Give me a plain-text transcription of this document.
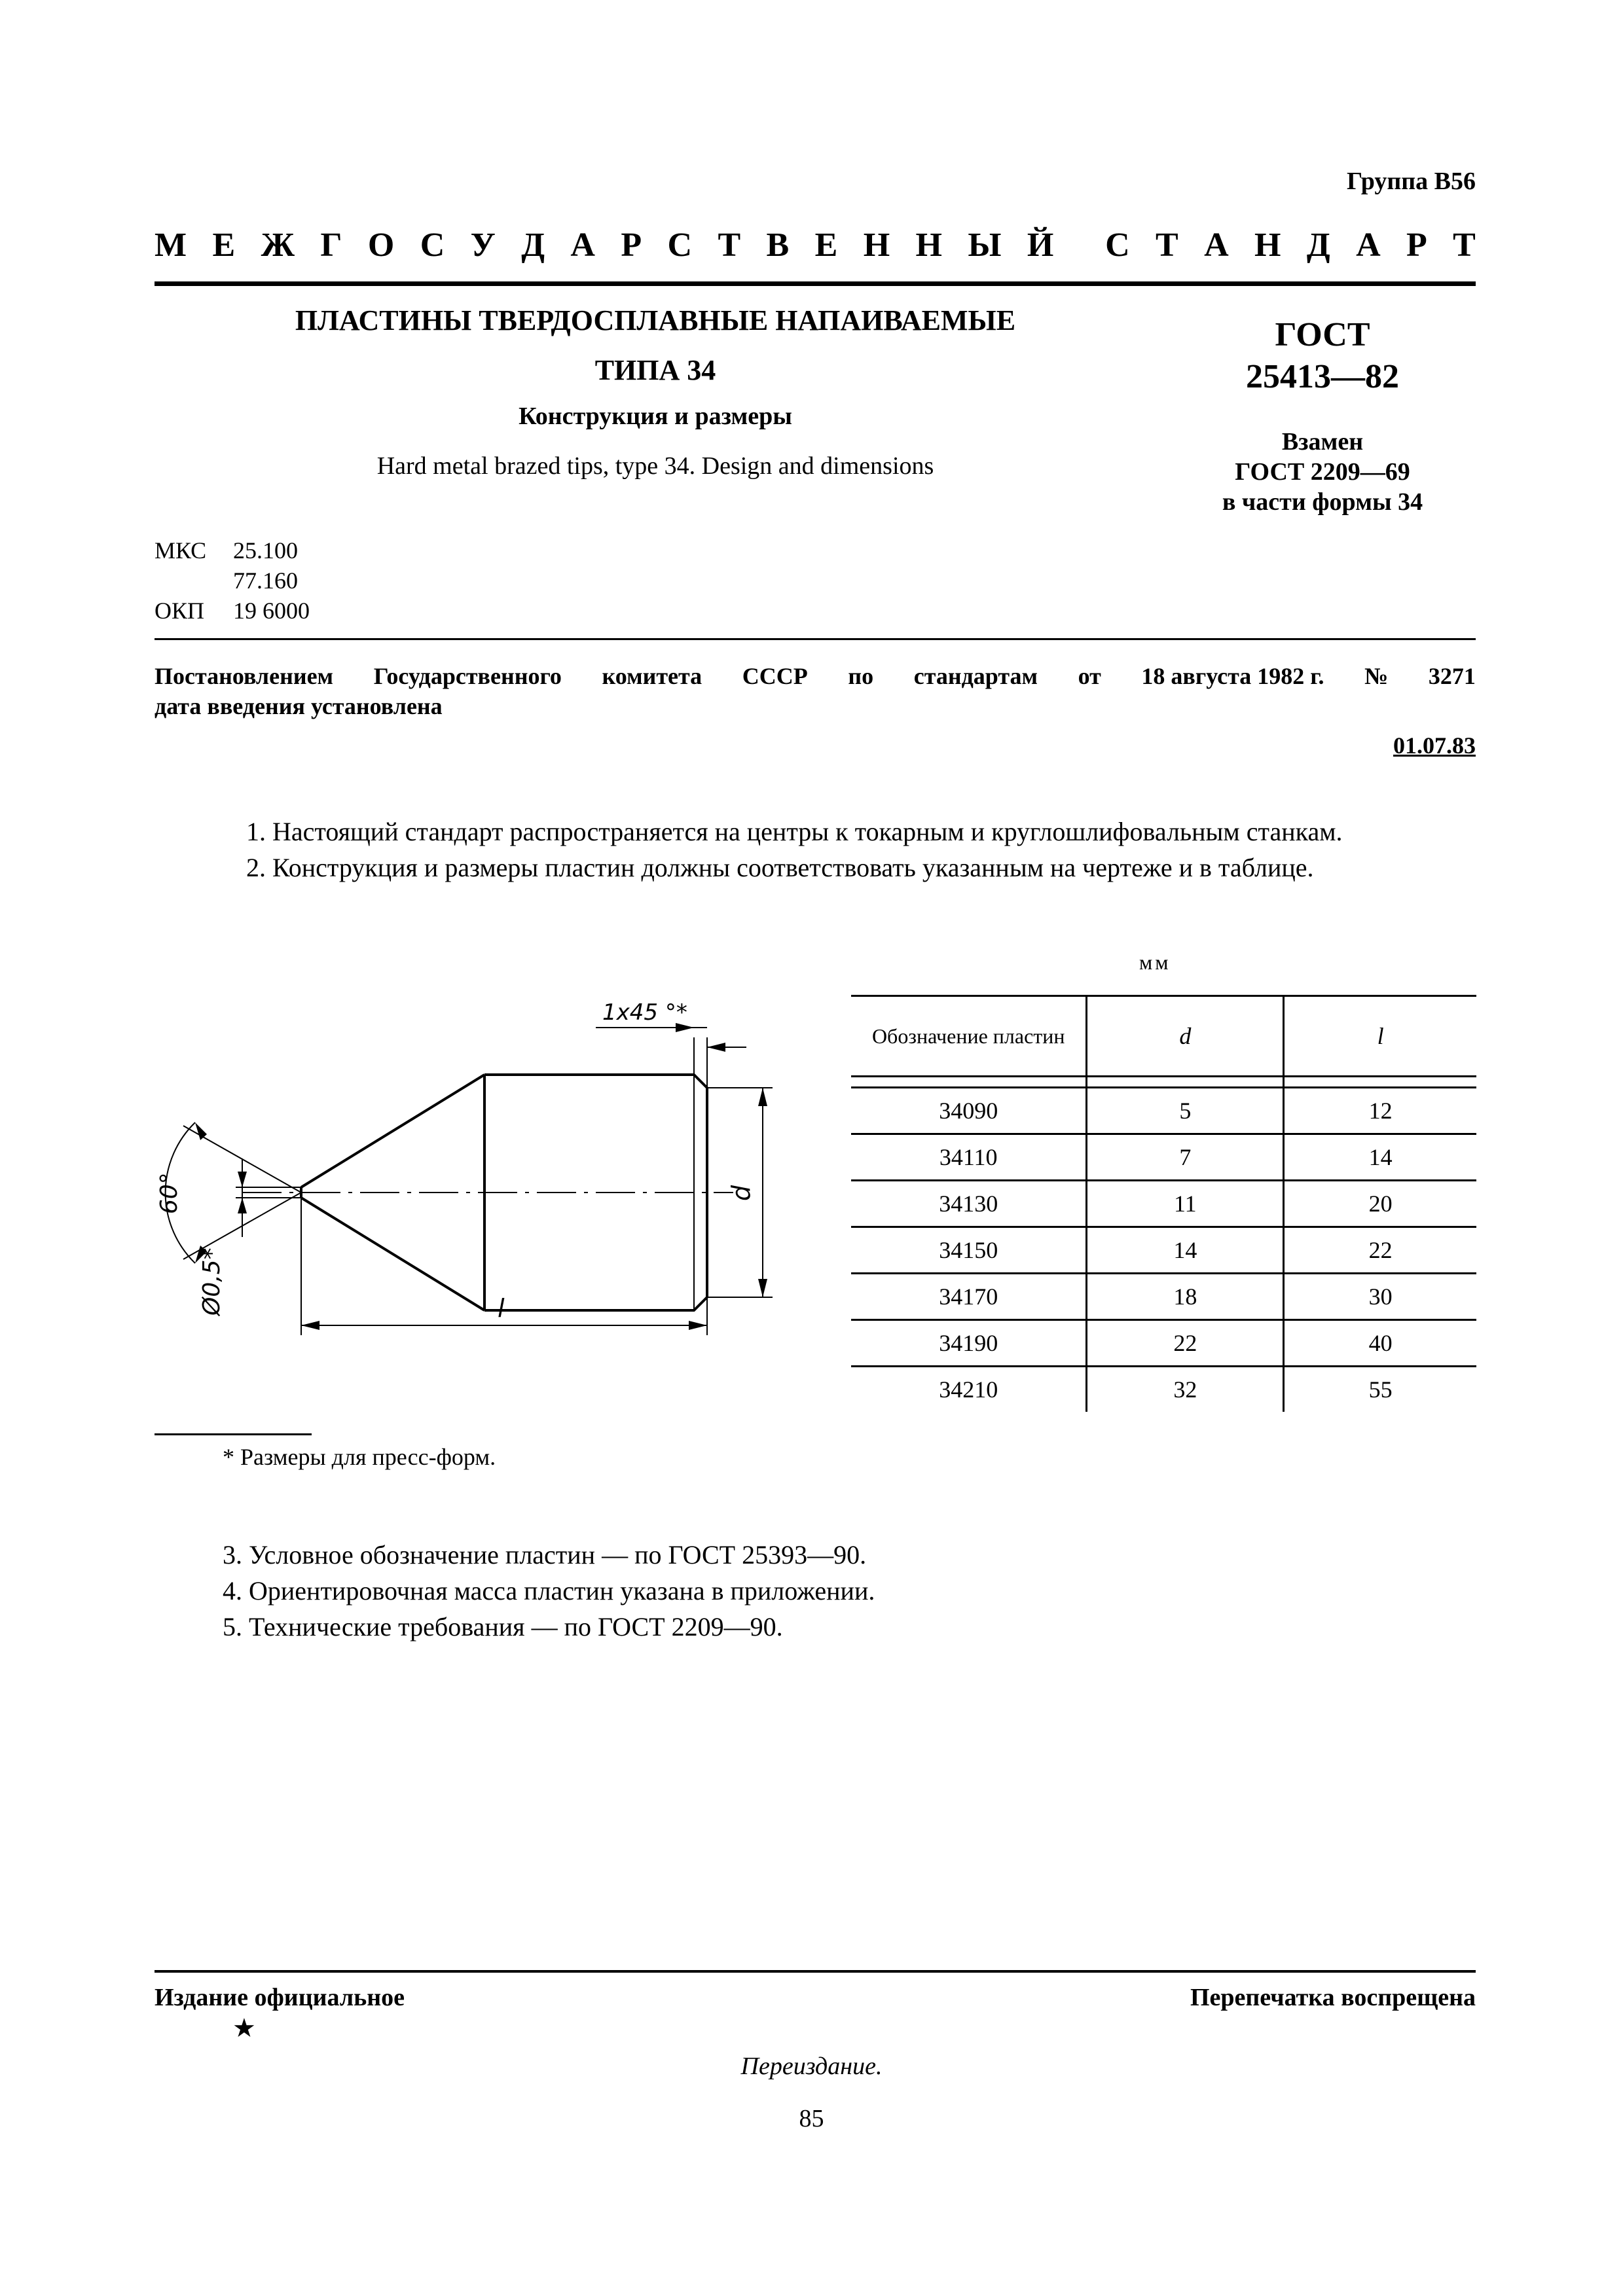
Группа В56
М Е Ж Г О С У Д А Р С Т В Е Н Н Ы Й С Т А Н Д А Р Т
ПЛАСТИНЫ ТВЕРДОСПЛАВНЫЕ НАПАИВАЕМЫЕ
ТИПА 34
Конструкция и размеры
Hard metal brazed tips, type 34. Design and dimensions
ГОСТ
25413—82
Взамен
ГОСТ 2209—69
в части формы 34
МКС	25.100
77.160
ОКП	19 6000
Постановлением Государственного комитета СССР по стандартам от 18 августа 1982 г. № 3271
дата введения установлена
01.07.83
1. Настоящий стандарт распространяется на центры к токарным и круглошлифовальным станкам.
2. Конструкция и размеры пластин должны соответствовать указанным на чертеже и в таблице.
1x45 °*
d
l
60°
Ø0,5*
мм
Обозначение пластин	d	l

34090	5	12
34110	7	14
34130	11	20
34150	14	22
34170	18	30
34190	22	40
34210	32	55
* Размеры для пресс-форм.
3. Условное обозначение пластин — по ГОСТ 25393—90.
4. Ориентировочная масса пластин указана в приложении.
5. Технические требования — по ГОСТ 2209—90.
Издание официальное	Перепечатка воспрещена
★
Переиздание.
85
